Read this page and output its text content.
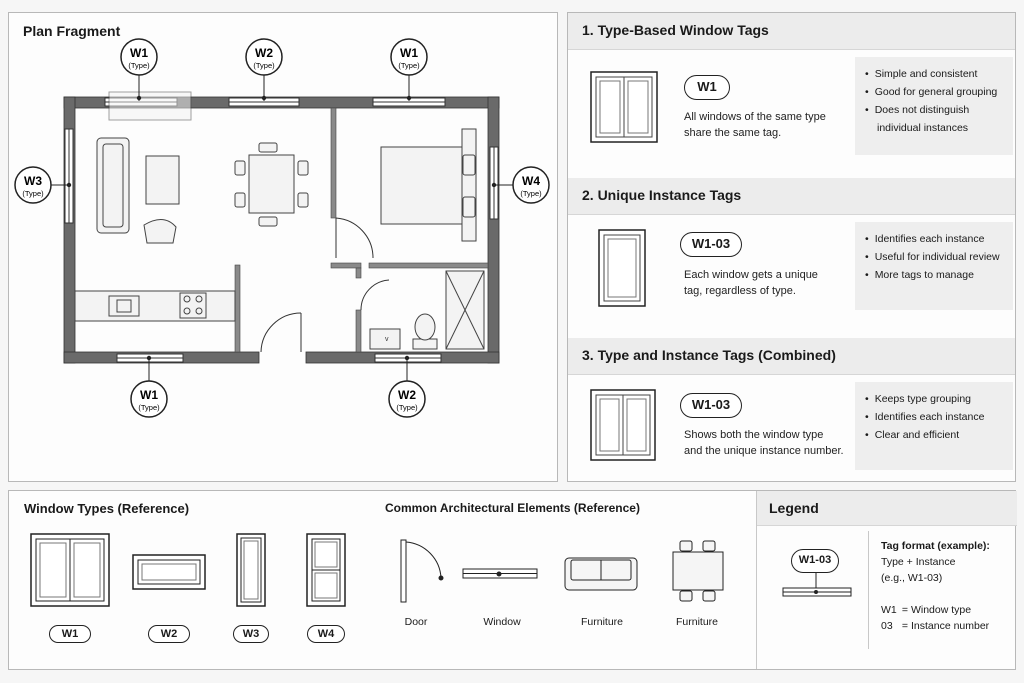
Plan Fragment
v
W1
(Type)
W2
(Type)
W1
(Type)
W3
(Type)
W4
(Type)
W1
(Type)
W2
(Type)
1. Type-Based Window Tags
W1
All windows of the same type
share the same tag.
• Simple and consistent
• Good for general grouping
• Does not distinguish
individual instances
2. Unique Instance Tags
W1-03
Each window gets a unique
tag, regardless of type.
• Identifies each instance
• Useful for individual review
• More tags to manage
3. Type and Instance Tags (Combined)
W1-03
Shows both the window type
and the unique instance number.
• Keeps type grouping
• Identifies each instance
• Clear and efficient
Window Types (Reference)
W1	W2	W3	W4
Common Architectural Elements (Reference)
Door	Window	Furniture	Furniture
Legend
W1-03
Tag format (example):
Type + Instance
(e.g., W1-03)
W1 = Window type
03 = Instance number
